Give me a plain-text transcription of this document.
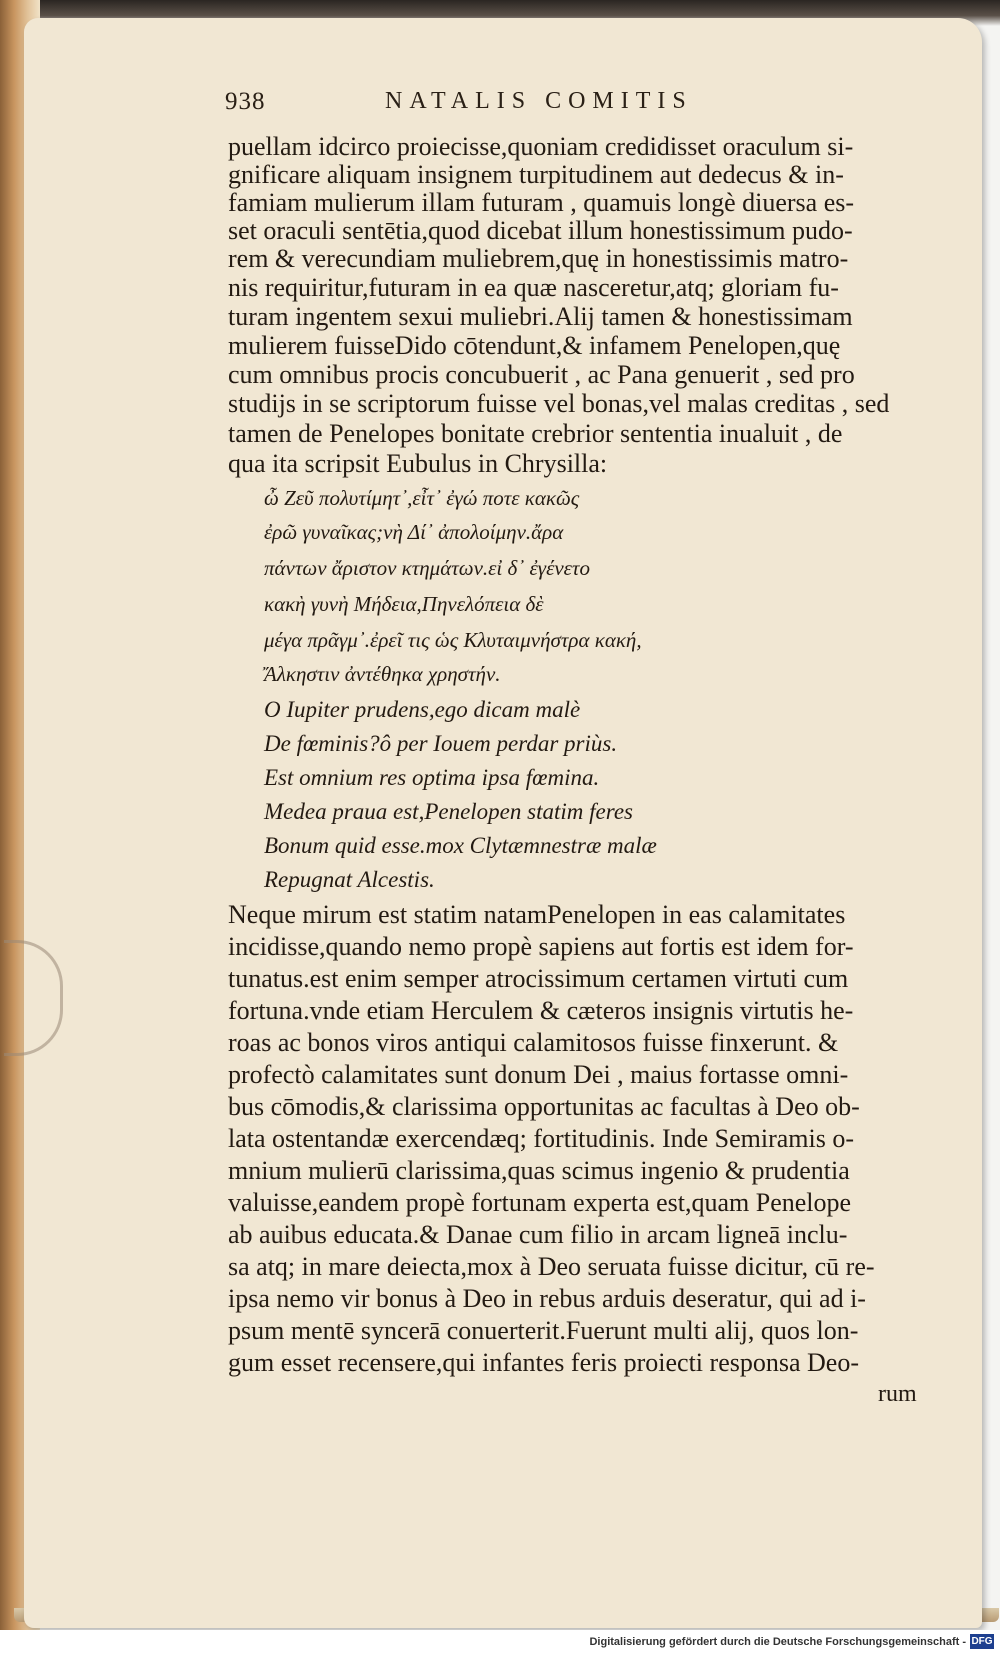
938	NATALIS COMITIS
puellam idcirco proiecisse,quoniam credidisset oraculum si-
gnificare aliquam insignem turpitudinem aut dedecus & in-
famiam mulierum illam futuram , quamuis longè diuersa es-
set oraculi sentētia,quod dicebat illum honestissimum pudo-
rem & verecundiam muliebrem,quę in honestissimis matro-
nis requiritur,futuram in ea quæ nasceretur,atq; gloriam fu-
turam ingentem sexui muliebri.Alij tamen & honestissimam
mulierem fuisseDido cōtendunt,& infamem Penelopen,quę
cum omnibus procis concubuerit , ac Pana genuerit , sed pro
studijs in se scriptorum fuisse vel bonas,vel malas creditas , sed
tamen de Penelopes bonitate crebrior sententia inualuit , de
qua ita scripsit Eubulus in Chrysilla:
ὦ Ζεῦ πολυτίμητ᾽,εἶτ᾽ ἐγώ ποτε κακῶς
ἐρῶ γυναῖκας;νὴ Δί᾽ ἀπολοίμην.ἄρα
πάντων ἄριστον κτημάτων.εἰ δ᾽ ἐγένετο
κακὴ γυνὴ Μήδεια,Πηνελόπεια δὲ
μέγα πρᾶγμ᾽.ἐρεῖ τις ὡς Κλυταιμνήστρα κακή,
Ἄλκηστιν ἀντέθηκα χρηστήν.
O Iupiter prudens,ego dicam malè
De fœminis?ô per Iouem perdar priùs.
Est omnium res optima ipsa fœmina.
Medea praua est,Penelopen statim feres
Bonum quid esse.mox Clytæmnestræ malæ
Repugnat Alcestis.
Neque mirum est statim natamPenelopen in eas calamitates
incidisse,quando nemo propè sapiens aut fortis est idem for-
tunatus.est enim semper atrocissimum certamen virtuti cum
fortuna.vnde etiam Herculem & cæteros insignis virtutis he-
roas ac bonos viros antiqui calamitosos fuisse finxerunt. &
profectò calamitates sunt donum Dei , maius fortasse omni-
bus cōmodis,& clarissima opportunitas ac facultas à Deo ob-
lata ostentandæ exercendæq; fortitudinis. Inde Semiramis o-
mnium mulierū clarissima,quas scimus ingenio & prudentia
valuisse,eandem propè fortunam experta est,quam Penelope
ab auibus educata.& Danae cum filio in arcam ligneā inclu-
sa atq; in mare deiecta,mox à Deo seruata fuisse dicitur, cū re-
ipsa nemo vir bonus à Deo in rebus arduis deseratur, qui ad i-
psum mentē syncerā conuerterit.Fuerunt multi alij, quos lon-
gum esset recensere,qui infantes feris proiecti responsa Deo-
rum
Digitalisierung gefördert durch die Deutsche Forschungsgemeinschaft - DFG
